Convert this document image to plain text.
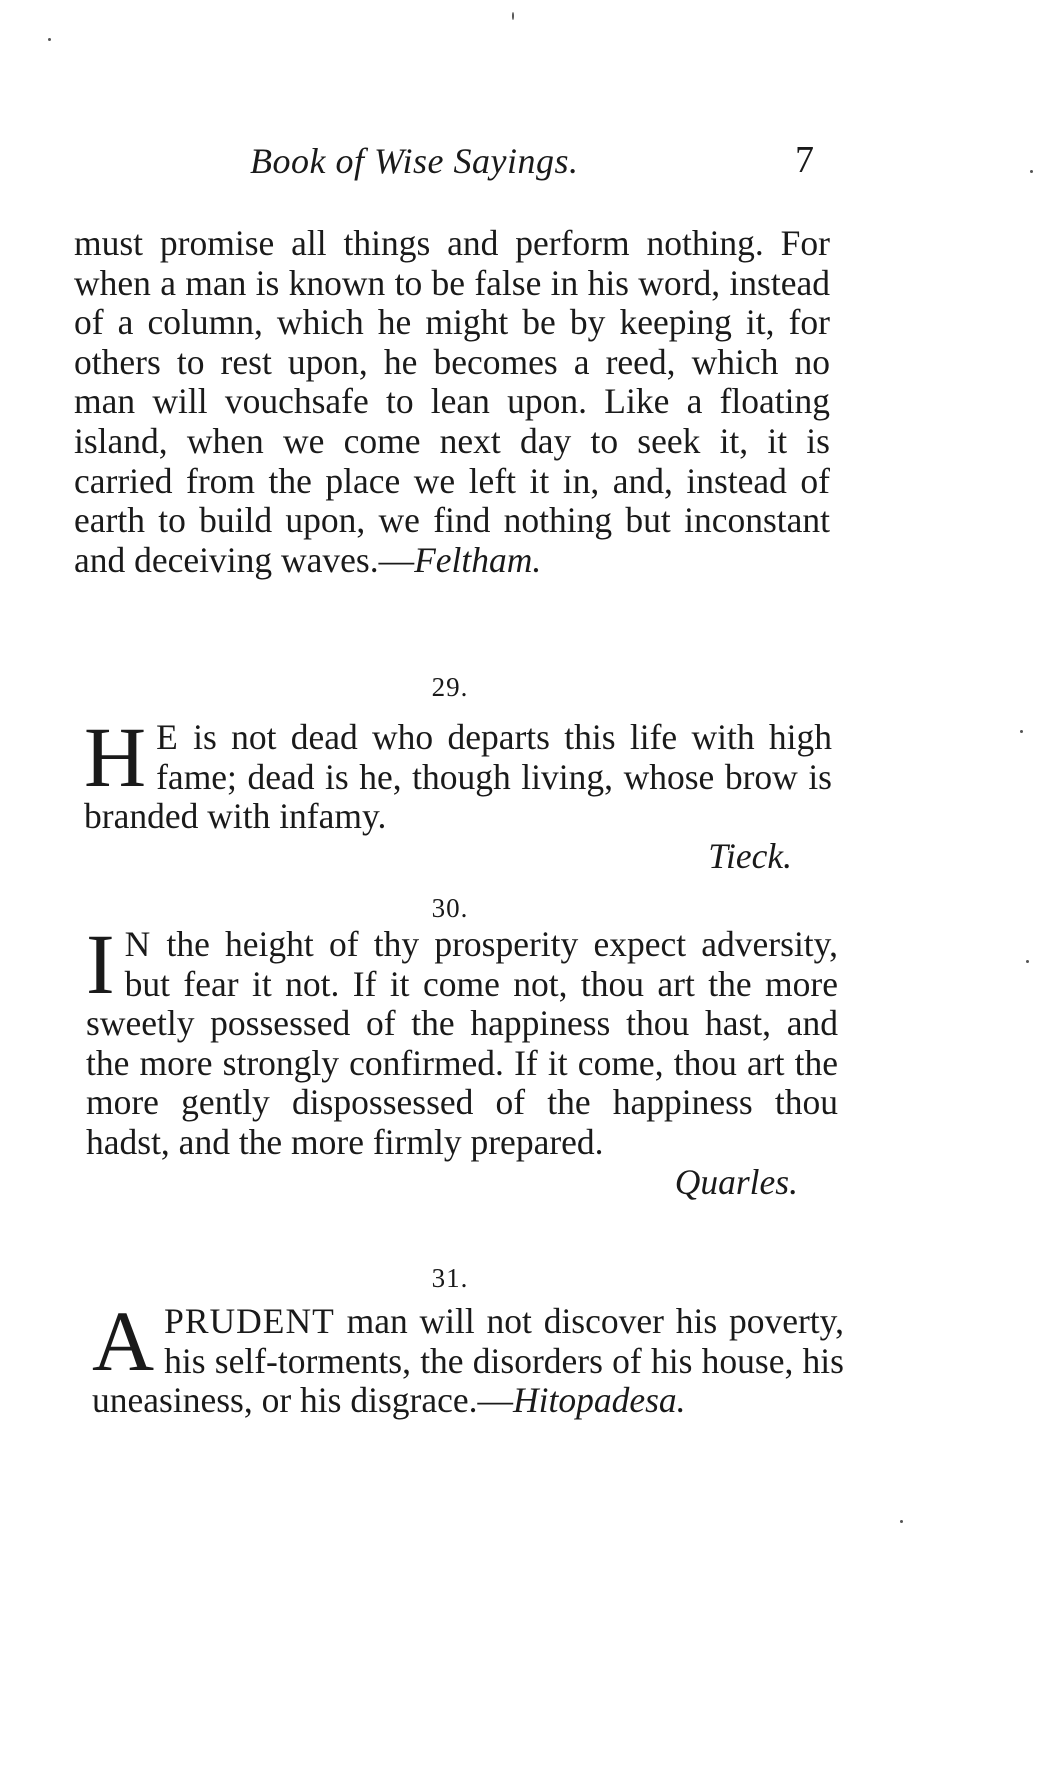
Book of Wise Sayings.	7
must promise all things and perform nothing. For when a man is known to be false in his word, instead of a column, which he might be by keeping it, for others to rest upon, he becomes a reed, which no man will vouchsafe to lean upon. Like a floating island, when we come next day to seek it, it is carried from the place we left it in, and, instead of earth to build upon, we find nothing but inconstant and deceiving waves.—Feltham.
29.
H E is not dead who departs this life with high fame; dead is he, though living, whose brow is branded with infamy.
Tieck.
30.
I N the height of thy prosperity expect adversity, but fear it not. If it come not, thou art the more sweetly possessed of the happiness thou hast, and the more strongly confirmed. If it come, thou art the more gently dispossessed of the happiness thou hadst, and the more firmly prepared.
Quarles.
31.
A PRUDENT man will not discover his poverty, his self-torments, the disorders of his house, his uneasiness, or his disgrace.—Hitopadesa.
